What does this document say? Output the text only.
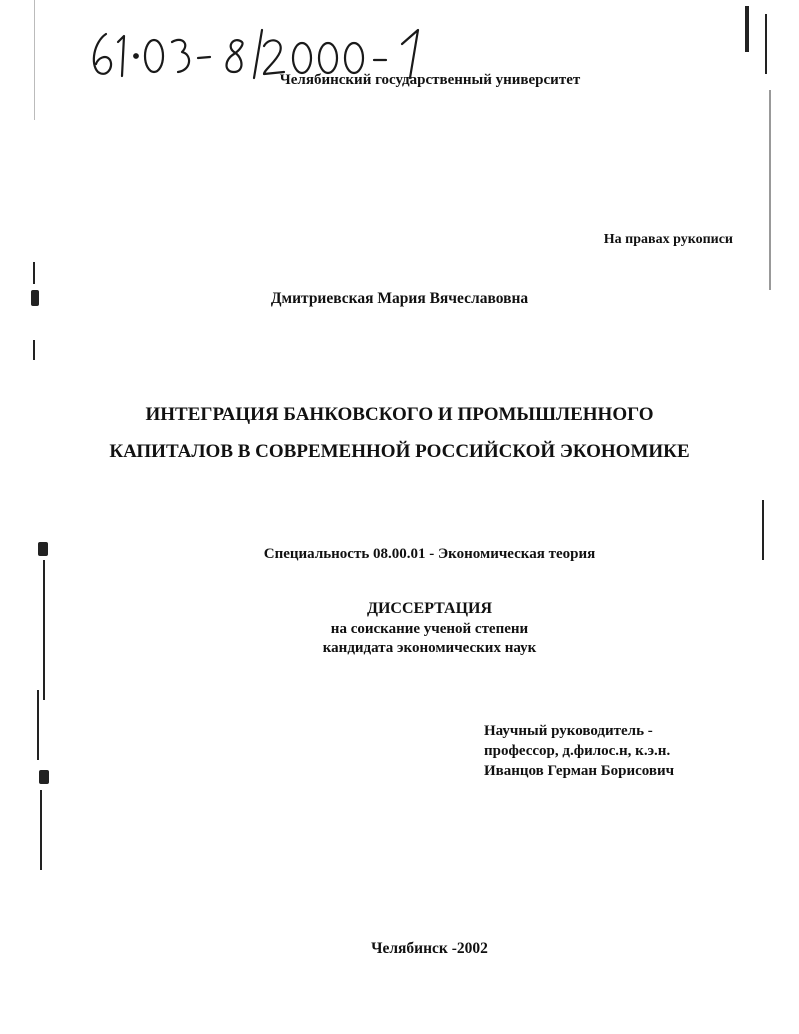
Челябинский государственный университет
На правах рукописи
Дмитриевская Мария Вячеславовна
ИНТЕГРАЦИЯ БАНКОВСКОГО И ПРОМЫШЛЕННОГО
КАПИТАЛОВ В СОВРЕМЕННОЙ РОССИЙСКОЙ ЭКОНОМИКЕ
Специальность 08.00.01 - Экономическая теория
ДИССЕРТАЦИЯ
на соискание ученой степени
кандидата экономических наук
Научный руководитель -
профессор, д.филос.н, к.э.н.
Иванцов Герман Борисович
Челябинск -2002
